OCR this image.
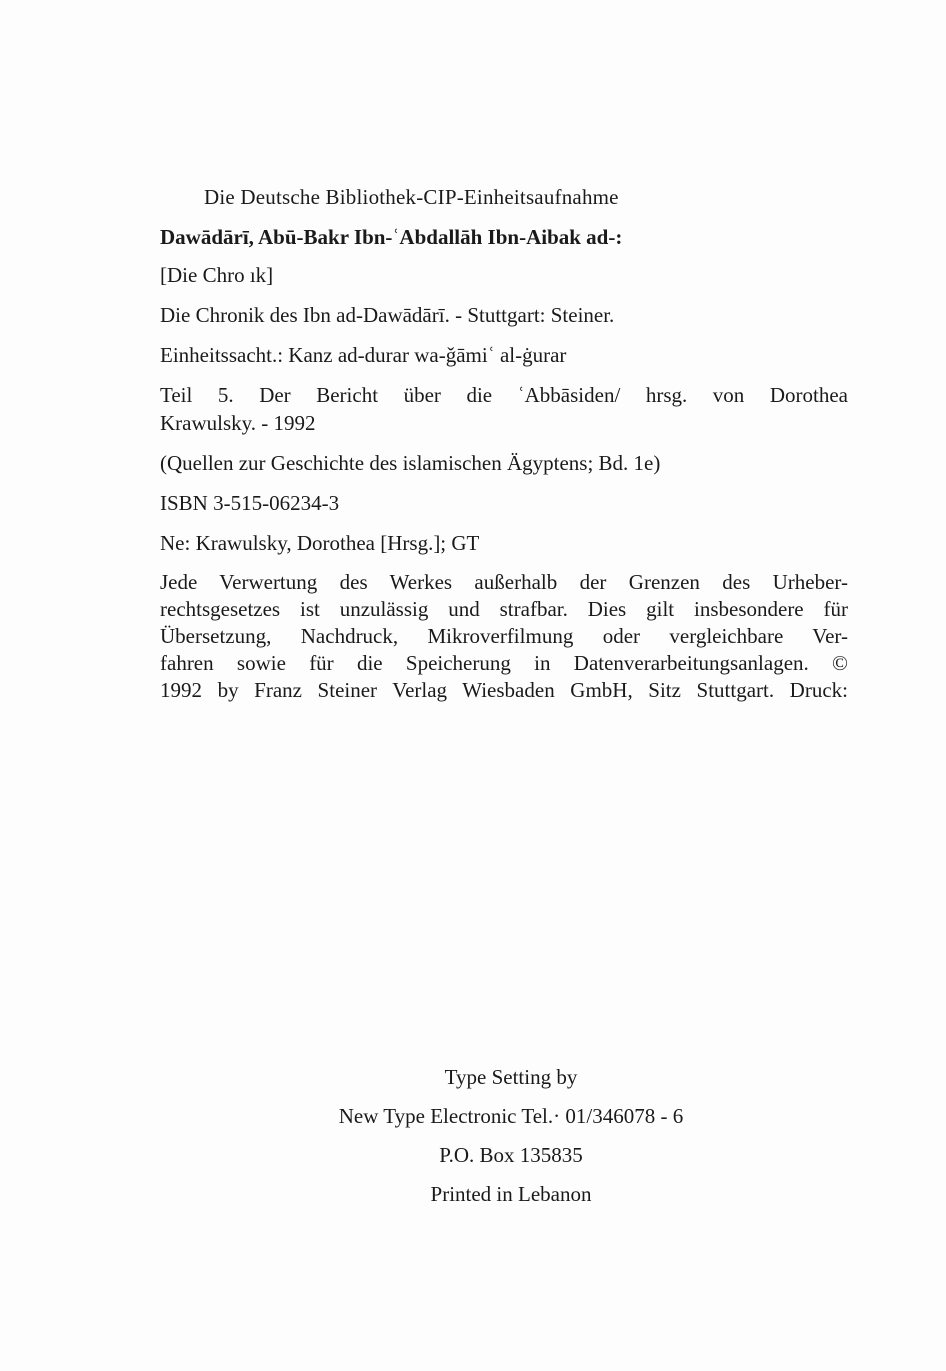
Die Deutsche Bibliothek-CIP-Einheitsaufnahme
Dawādārī, Abū-Bakr Ibn-ʿAbdallāh Ibn-Aibak ad-:
[Die Chro ık]
Die Chronik des Ibn ad-Dawādārī. - Stuttgart: Steiner.
Einheitssacht.: Kanz ad-durar wa-ǧāmiʿ al-ġurar
Teil 5. Der Bericht über die ʿAbbāsiden/ hrsg. von Dorothea
Krawulsky. - 1992
(Quellen zur Geschichte des islamischen Ägyptens; Bd. 1e)
ISBN 3-515-06234-3
Ne: Krawulsky, Dorothea [Hrsg.]; GT
Jede Verwertung des Werkes außerhalb der Grenzen des Urheber-
rechtsgesetzes ist unzulässig und strafbar. Dies gilt insbesondere für
Übersetzung, Nachdruck, Mikroverfilmung oder vergleichbare Ver-
fahren sowie für die Speicherung in Datenverarbeitungsanlagen. ©
1992 by Franz Steiner Verlag Wiesbaden GmbH, Sitz Stuttgart. Druck:
Type Setting by
New Type Electronic Tel.· 01/346078 - 6
P.O. Box 135835
Printed in Lebanon
